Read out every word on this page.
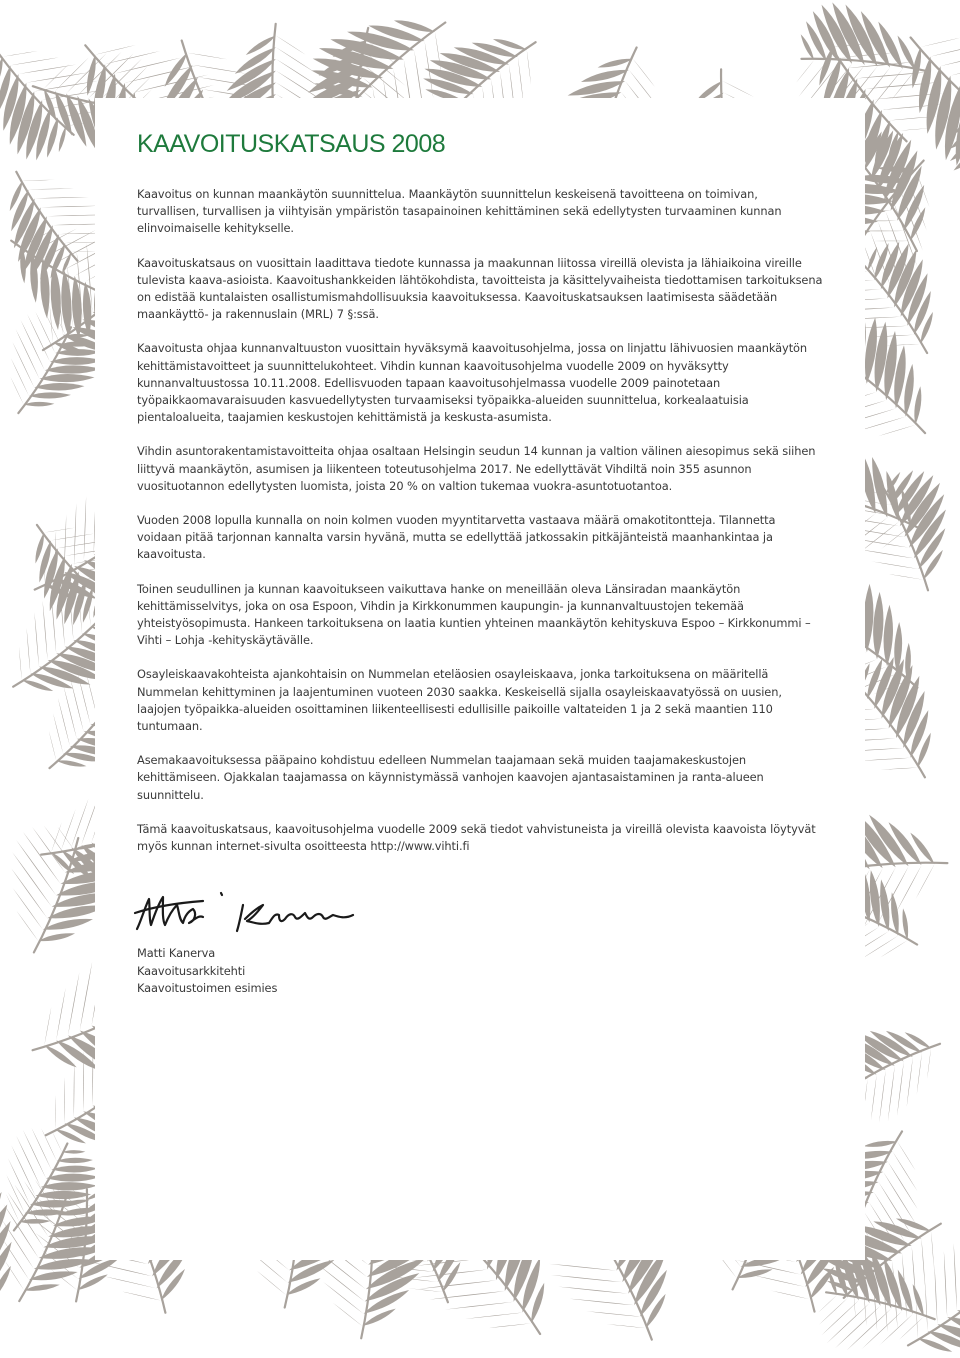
KAAVOITUSKATSAUS 2008

Kaavoitus on kunnan maankäytön suunnittelua. Maankäytön suunnittelun keskeisenä tavoitteena on toimivan, turvallisen, turvallisen ja viihtyisän ympäristön tasapainoinen kehittäminen sekä edellytysten turvaaminen kunnan elinvoimaiselle kehitykselle.

Kaavoituskatsaus on vuosittain laadittava tiedote kunnassa ja maakunnan liitossa vireillä olevista ja lähiaikoina vireille tulevista kaava-asioista. Kaavoitushankkeiden lähtökohdista, tavoitteista ja käsittelyvaiheista tiedottamisen tarkoituksena on edistää kuntalaisten osallistumismahdollisuuksia kaavoituksessa. Kaavoituskatsauksen laatimisesta säädetään maankäyttö- ja rakennuslain (MRL) 7 §:ssä.

Kaavoitusta ohjaa kunnanvaltuuston vuosittain hyväksymä kaavoitusohjelma, jossa on linjattu lähivuosien maankäytön kehittämistavoitteet ja suunnittelukohteet. Vihdin kunnan kaavoitusohjelma vuodelle 2009 on hyväksytty kunnanvaltuustossa 10.11.2008. Edellisvuoden tapaan kaavoitusohjelmassa vuodelle 2009 painotetaan työpaikkaomavaraisuuden kasvuedellytysten turvaamiseksi työpaikka-alueiden suunnittelua, korkealaatuisia pientaloalueita, taajamien keskustojen kehittämistä ja keskusta-asumista.

Vihdin asuntorakentamistavoitteita ohjaa osaltaan Helsingin seudun 14 kunnan ja valtion välinen aiesopimus sekä siihen liittyvä maankäytön, asumisen ja liikenteen toteutusohjelma 2017. Ne edellyttävät Vihdiltä noin 355 asunnon vuosituotannon edellytysten luomista, joista 20 % on valtion tukemaa vuokra-asuntotuotantoa.

Vuoden 2008 lopulla kunnalla on noin kolmen vuoden myyntitarvetta vastaava määrä omakotitontteja. Tilannetta voidaan pitää tarjonnan kannalta varsin hyvänä, mutta se edellyttää jatkossakin pitkäjänteistä maanhankintaa ja kaavoitusta.

Toinen seudullinen ja kunnan kaavoitukseen vaikuttava hanke on meneillään oleva Länsiradan maankäytön kehittämisselvitys, joka on osa Espoon, Vihdin ja Kirkkonummen kaupungin- ja kunnanvaltuustojen tekemää yhteistyösopimusta. Hankeen tarkoituksena on laatia kuntien yhteinen maankäytön kehityskuva Espoo – Kirkkonummi – Vihti – Lohja -kehityskäytävälle.

Osayleiskaavakohteista ajankohtaisin on Nummelan eteläosien osayleiskaava, jonka tarkoituksena on määritellä Nummelan kehittyminen ja laajentuminen vuoteen 2030 saakka. Keskeisellä sijalla osayleiskaavatyössä on uusien, laajojen työpaikka-alueiden osoittaminen liikenteellisesti edullisille paikoille valtateiden 1 ja 2 sekä maantien 110 tuntumaan.

Asemakaavoituksessa pääpaino kohdistuu edelleen Nummelan taajamaan sekä muiden taajamakeskustojen kehittämiseen. Ojakkalan taajamassa on käynnistymässä vanhojen kaavojen ajantasaistaminen ja ranta-alueen suunnittelu.

Tämä kaavoituskatsaus, kaavoitusohjelma vuodelle 2009 sekä tiedot vahvistuneista ja vireillä olevista kaavoista löytyvät myös kunnan internet-sivulta osoitteesta http://www.vihti.fi

Matti Kanerva

Kaavoitusarkkitehti

Kaavoitustoimen esimies
